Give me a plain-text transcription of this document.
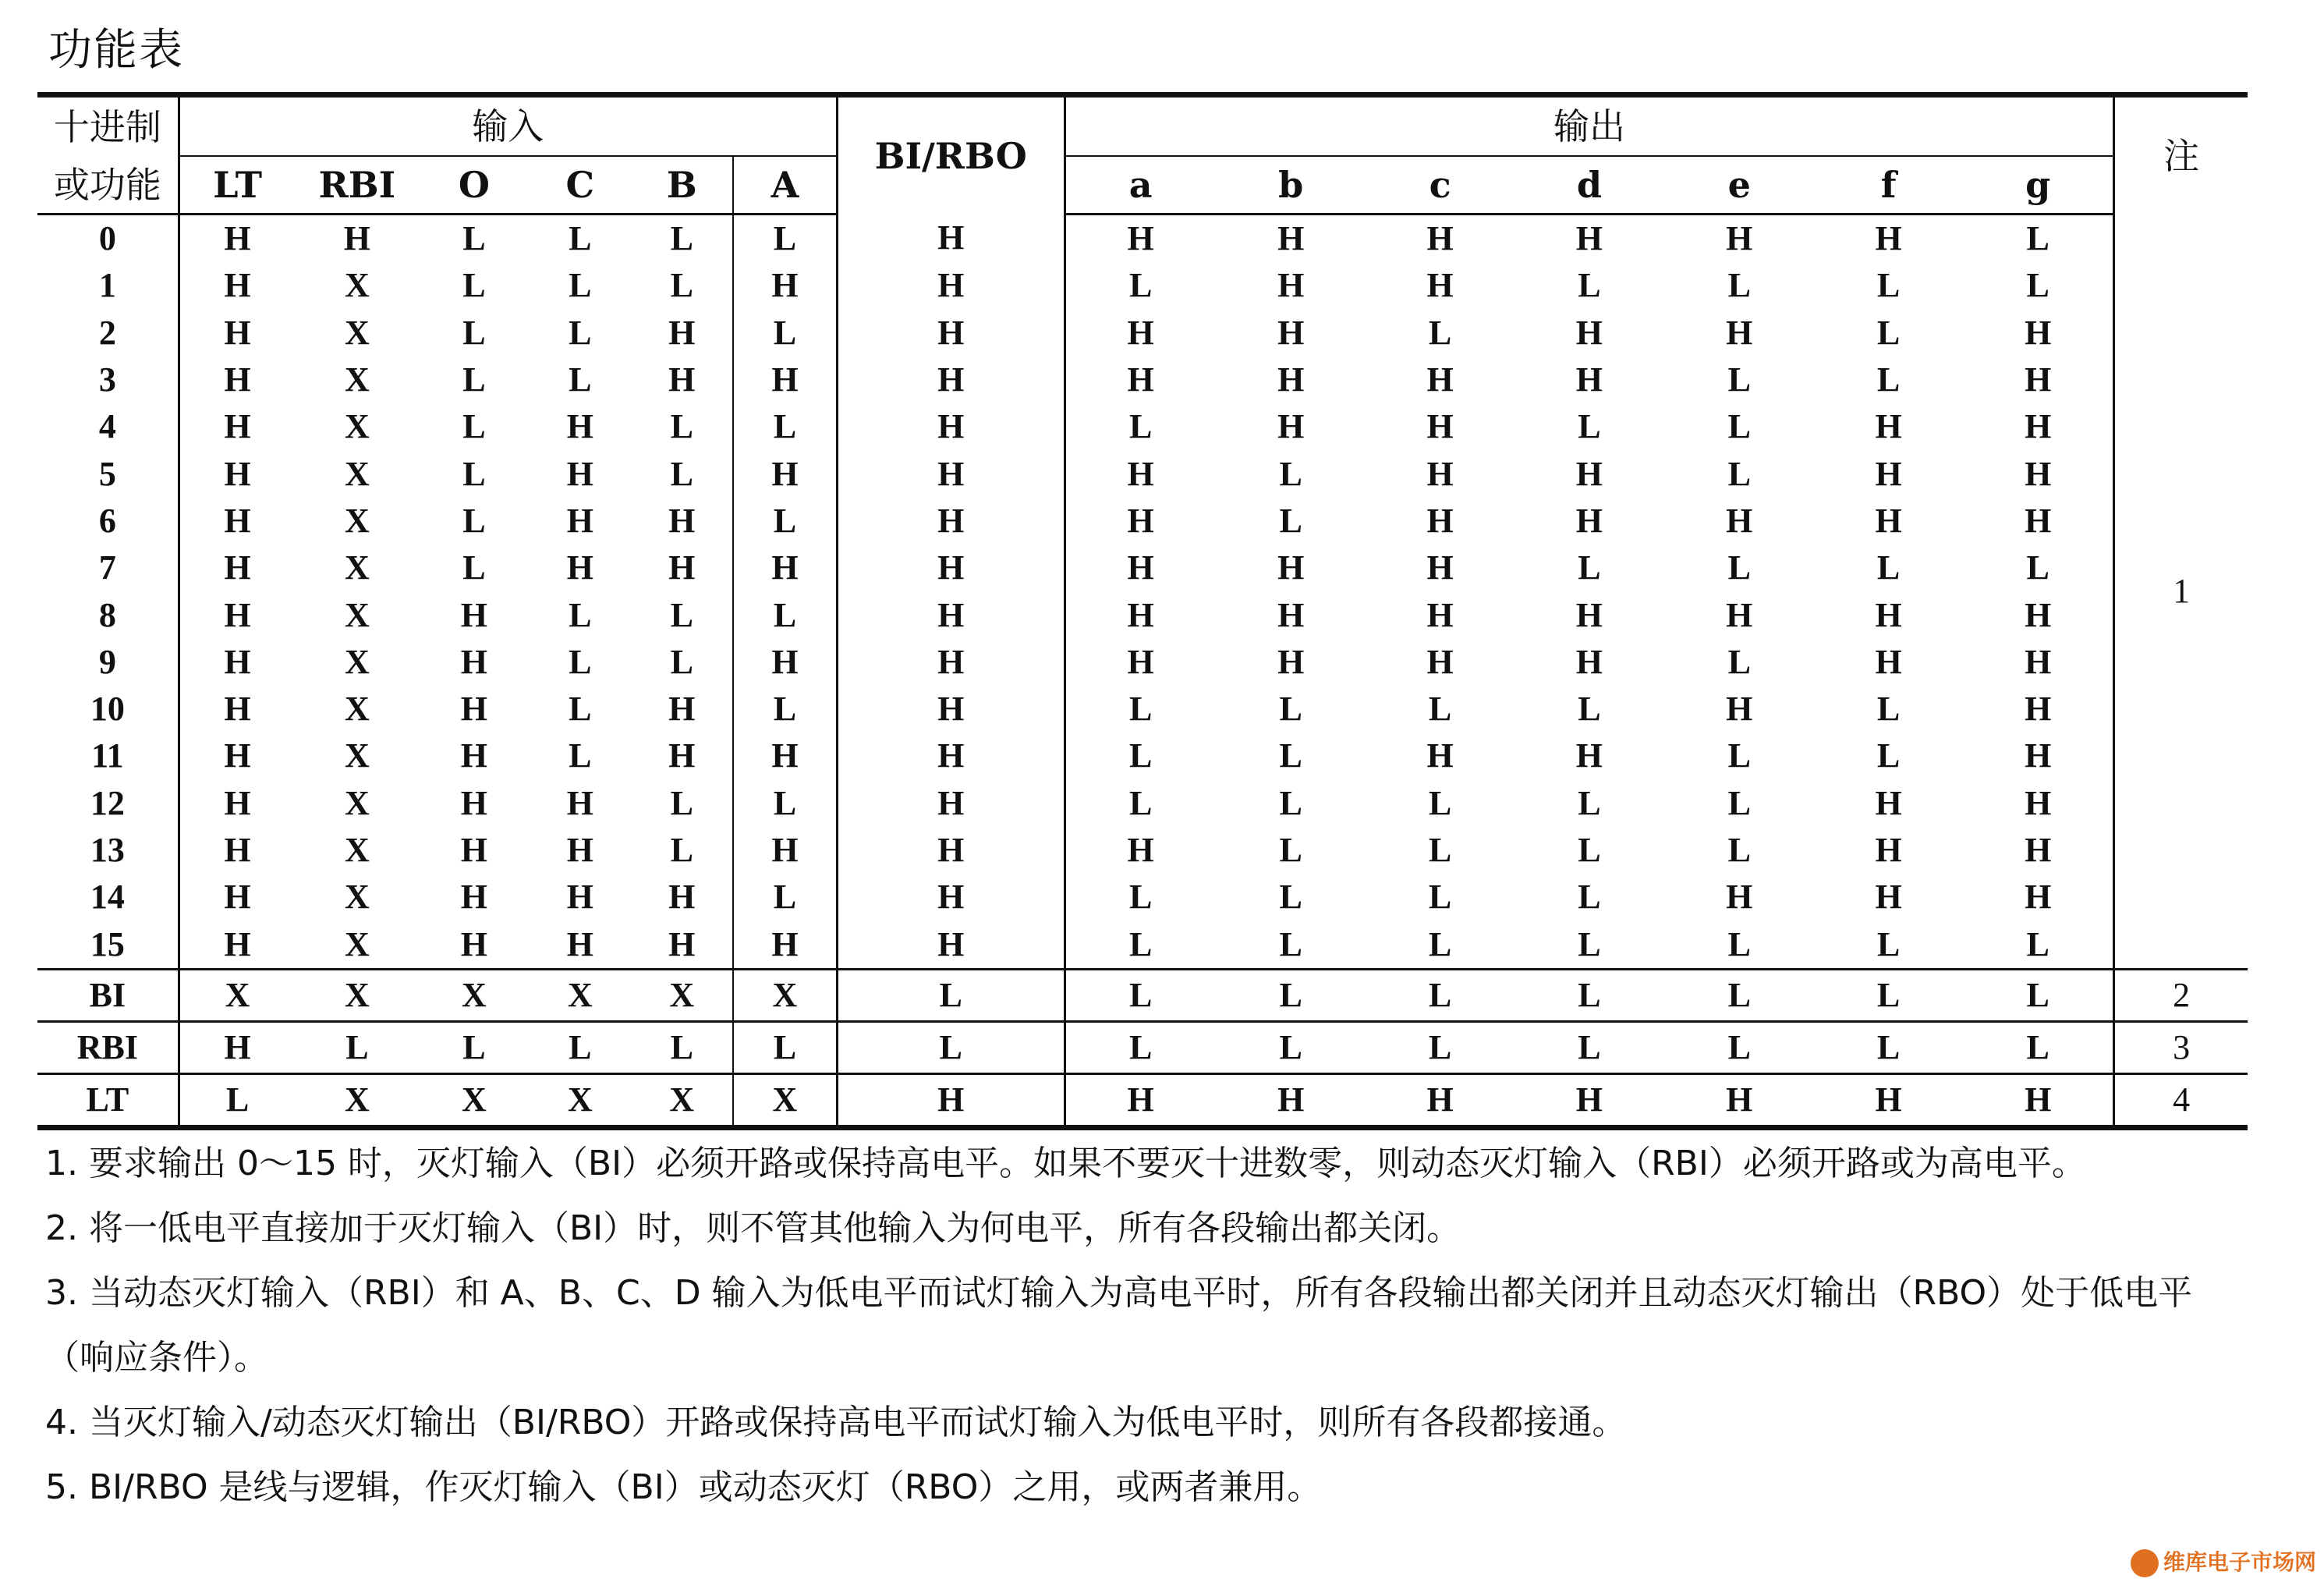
功能表
十进制	输入						BI/RBO	输出							注
或功能	LT	RBI	O	C	B	A		a	b	c	d	e	f	g	
0	H	H	L	L	L	L	H	H	H	H	H	H	H	L	1
1	H	X	L	L	L	H	H	L	H	H	L	L	L	L	
2	H	X	L	L	H	L	H	H	H	L	H	H	L	H	
3	H	X	L	L	H	H	H	H	H	H	H	L	L	H	
4	H	X	L	H	L	L	H	L	H	H	L	L	H	H	
5	H	X	L	H	L	H	H	H	L	H	H	L	H	H	
6	H	X	L	H	H	L	H	H	L	H	H	H	H	H	
7	H	X	L	H	H	H	H	H	H	H	L	L	L	L	
8	H	X	H	L	L	L	H	H	H	H	H	H	H	H	
9	H	X	H	L	L	H	H	H	H	H	H	L	H	H	
10	H	X	H	L	H	L	H	L	L	L	L	H	L	H	
11	H	X	H	L	H	H	H	L	L	H	H	L	L	H	
12	H	X	H	H	L	L	H	L	L	L	L	L	H	H	
13	H	X	H	H	L	H	H	H	L	L	L	L	H	H	
14	H	X	H	H	H	L	H	L	L	L	L	H	H	H	
15	H	X	H	H	H	H	H	L	L	L	L	L	L	L	
BI	X	X	X	X	X	X	L	L	L	L	L	L	L	L	2
RBI	H	L	L	L	L	L	L	L	L	L	L	L	L	L	3
LT	L	X	X	X	X	X	H	H	H	H	H	H	H	H	4

1. 要求输出 0～15 时，灭灯输入（BI）必须开路或保持高电平。如果不要灭十进数零，则动态灭灯输入（RBI）必须开路或为高电平。

2. 将一低电平直接加于灭灯输入（BI）时，则不管其他输入为何电平，所有各段输出都关闭。

3. 当动态灭灯输入（RBI）和 A、B、C、D 输入为低电平而试灯输入为高电平时，所有各段输出都关闭并且动态灭灯输出（RBO）处于低电平（响应条件）。

4. 当灭灯输入/动态灭灯输出（BI/RBO）开路或保持高电平而试灯输入为低电平时，则所有各段都接通。

5. BI/RBO 是线与逻辑，作灭灯输入（BI）或动态灭灯（RBO）之用，或两者兼用。

维库电子市场网
